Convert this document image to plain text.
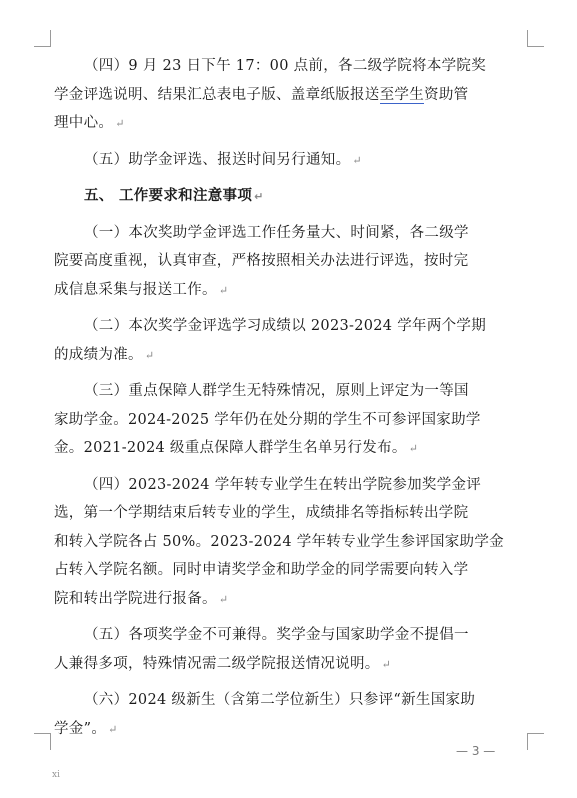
（四）9 月 23 日下午 17：00 点前，各二级学院将本学院奖
学金评选说明、结果汇总表电子版、盖章纸版报送至学生资助管
理中心。 ↵
（五）助学金评选、报送时间另行通知。 ↵
五、 工作要求和注意事项 ↵
（一）本次奖助学金评选工作任务量大、时间紧，各二级学
院要高度重视，认真审查，严格按照相关办法进行评选，按时完
成信息采集与报送工作。 ↵
（二）本次奖学金评选学习成绩以 2023-2024 学年两个学期
的成绩为准。 ↵
（三）重点保障人群学生无特殊情况，原则上评定为一等国
家助学金。2024-2025 学年仍在处分期的学生不可参评国家助学
金。2021-2024 级重点保障人群学生名单另行发布。 ↵
（四）2023-2024 学年转专业学生在转出学院参加奖学金评
选，第一个学期结束后转专业的学生，成绩排名等指标转出学院
和转入学院各占 50%。2023-2024 学年转专业学生参评国家助学金
占转入学院名额。同时申请奖学金和助学金的同学需要向转入学
院和转出学院进行报备。 ↵
（五）各项奖学金不可兼得。奖学金与国家助学金不提倡一
人兼得多项，特殊情况需二级学院报送情况说明。 ↵
（六）2024 级新生（含第二学位新生）只参评“新生国家助
学金”。 ↵
— 3 —
ⅺ
